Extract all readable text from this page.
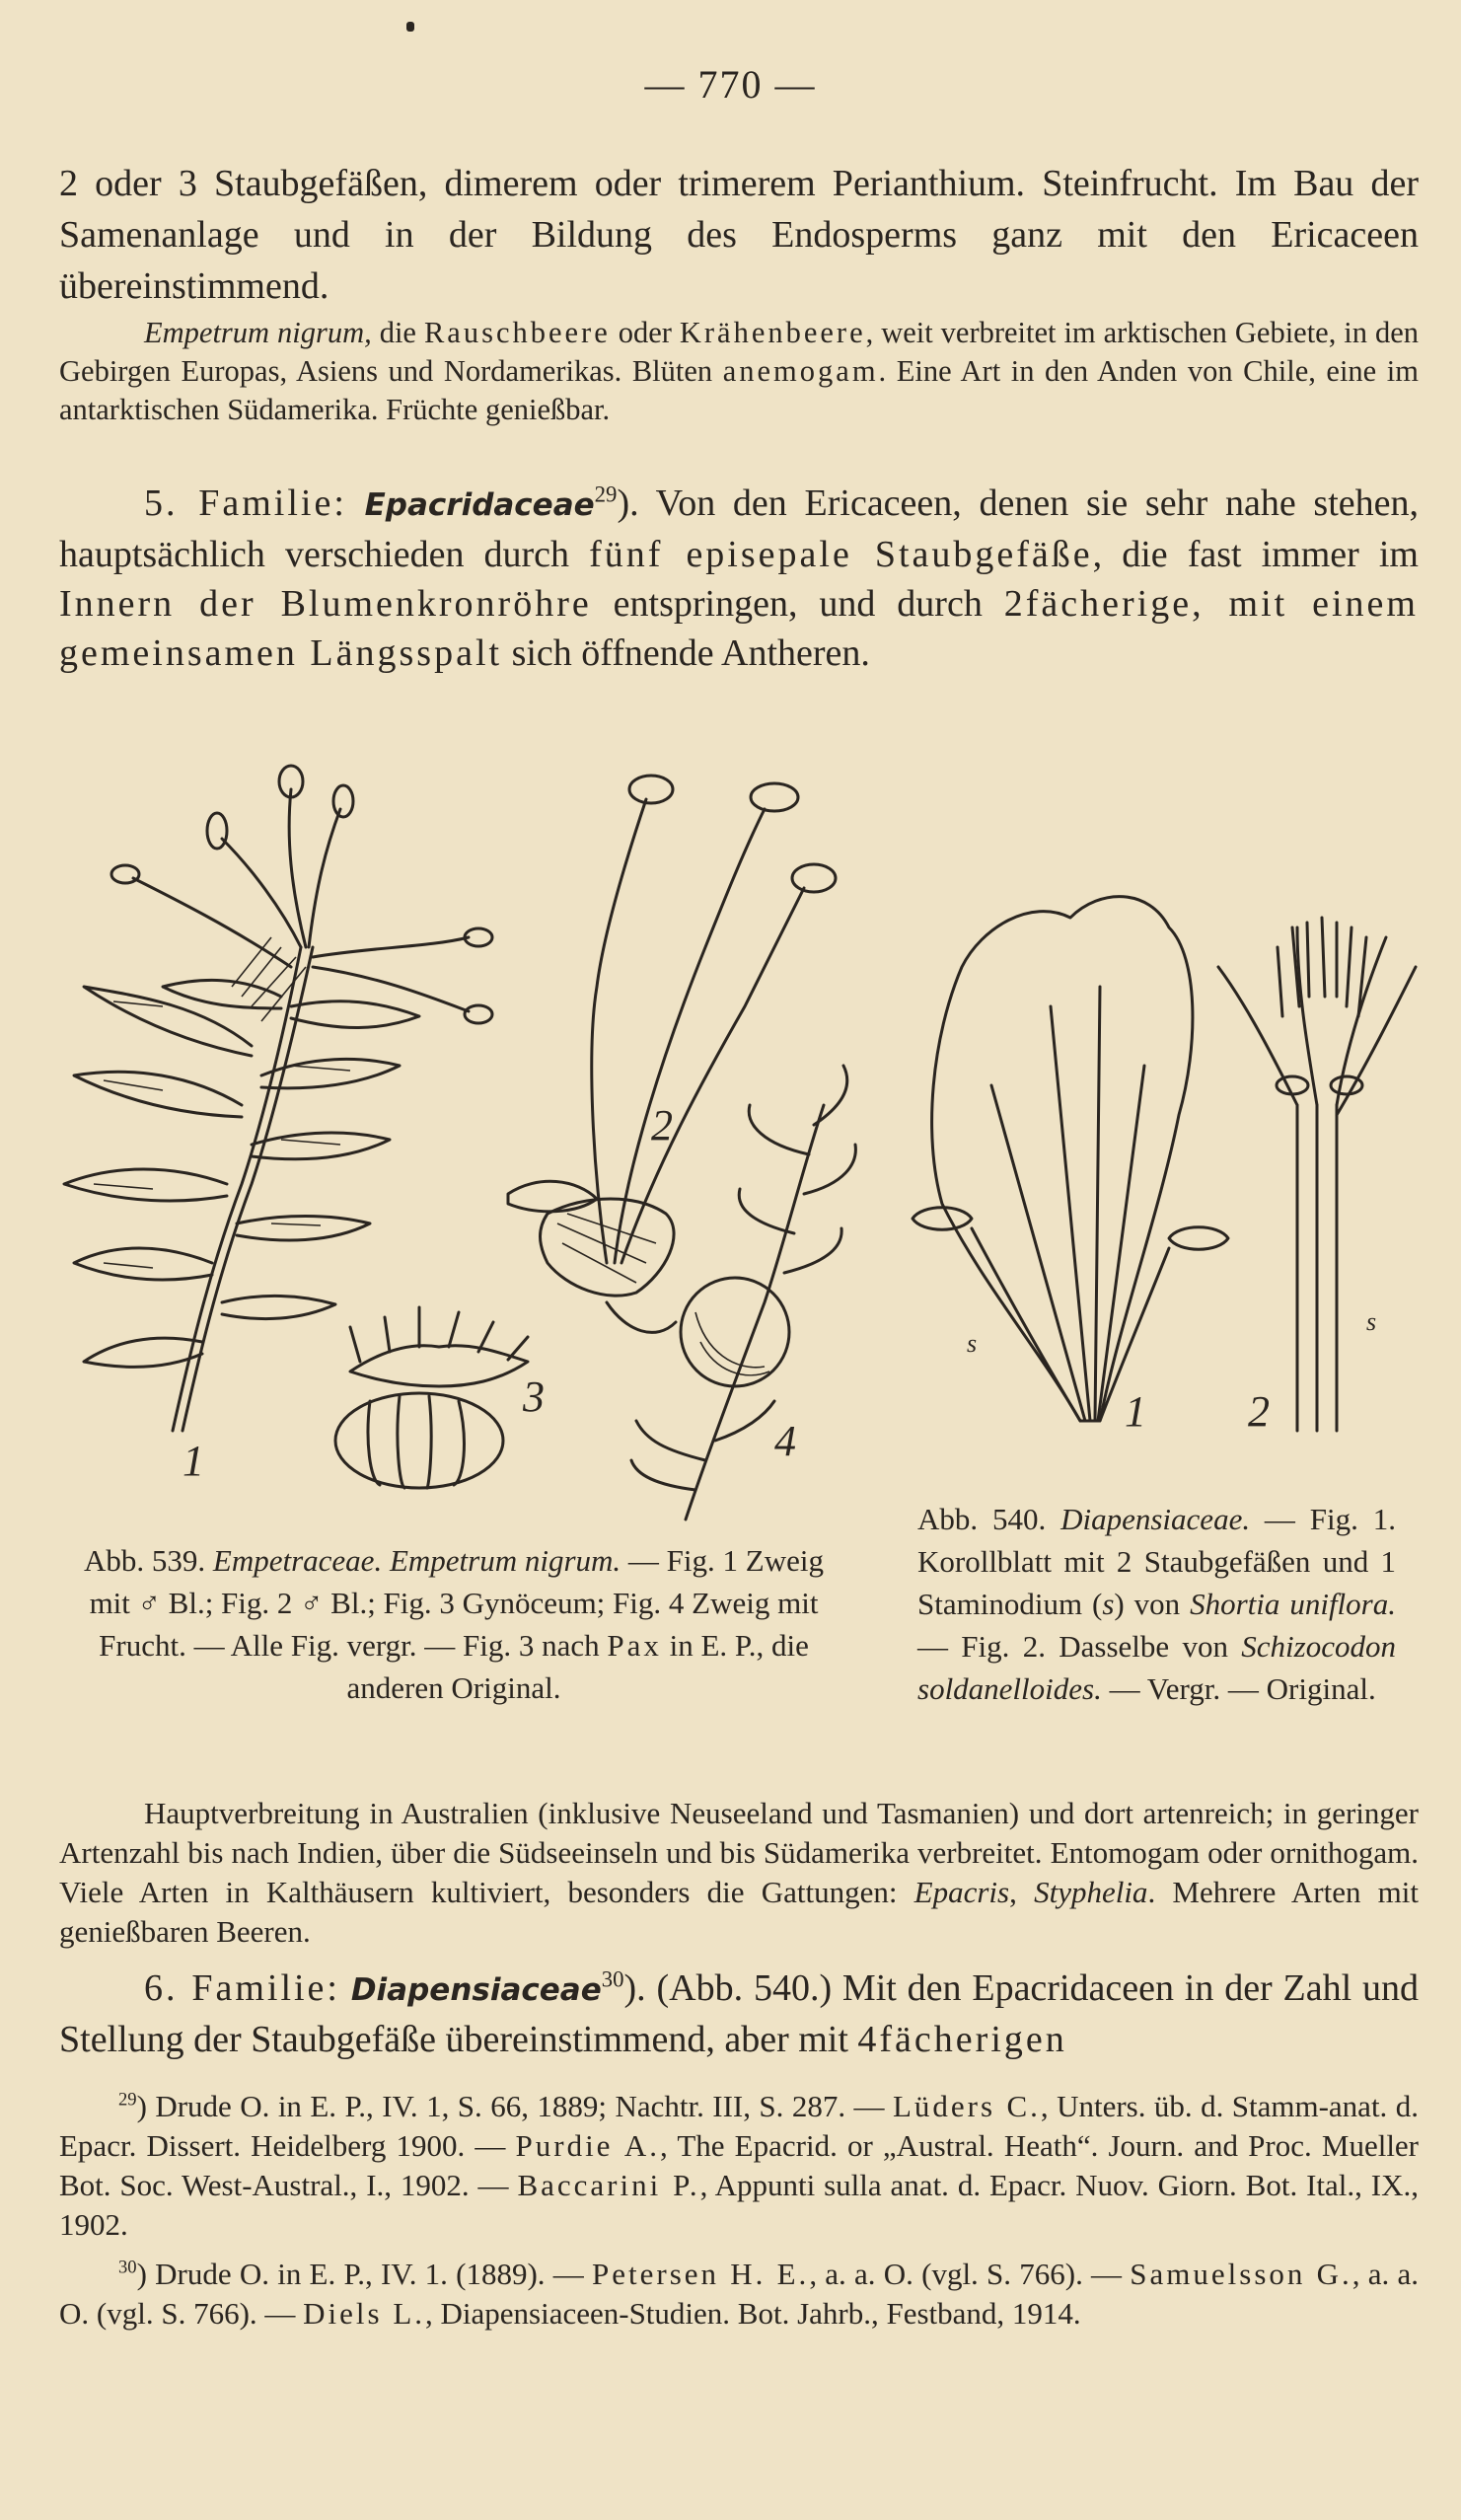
— 770 —
2 oder 3 Staubgefäßen, dimerem oder trimerem Perianthium. Steinfrucht. Im Bau der Samenanlage und in der Bildung des Endosperms ganz mit den Ericaceen übereinstimmend.
Empetrum nigrum, die Rauschbeere oder Krähenbeere, weit verbreitet im arktischen Gebiete, in den Gebirgen Europas, Asiens und Nordamerikas. Blüten anemogam. Eine Art in den Anden von Chile, eine im antarktischen Südamerika. Früchte genießbar.
5. Familie: Epacridaceae$^{29}$). Von den Ericaceen, denen sie sehr nahe stehen, hauptsächlich verschieden durch fünf episepale Staubgefäße, die fast immer im Innern der Blumenkronröhre entspringen, und durch 2fächerige, mit einem gemeinsamen Längsspalt sich öffnende Antheren.
1
2
3
4
s
s
1 2
Abb. 539. Empetraceae. Empetrum nigrum. — Fig. 1 Zweig mit ♂ Bl.; Fig. 2 ♂ Bl.; Fig. 3 Gynöceum; Fig. 4 Zweig mit Frucht. — Alle Fig. vergr. — Fig. 3 nach Pax in E. P., die anderen Original.
Abb. 540. Diapensiaceae. — Fig. 1. Korollblatt mit 2 Staubgefäßen und 1 Staminodium (s) von Shortia uniflora. — Fig. 2. Dasselbe von Schizocodon soldanelloides. — Vergr. — Original.
Hauptverbreitung in Australien (inklusive Neuseeland und Tasmanien) und dort artenreich; in geringer Artenzahl bis nach Indien, über die Südseeinseln und bis Südamerika verbreitet. Entomogam oder ornithogam. Viele Arten in Kalthäusern kultiviert, besonders die Gattungen: Epacris, Styphelia. Mehrere Arten mit genießbaren Beeren.
6. Familie: Diapensiaceae$^{30}$). (Abb. 540.) Mit den Epacridaceen in der Zahl und Stellung der Staubgefäße übereinstimmend, aber mit 4fächerigen
$^{29}$) Drude O. in E. P., IV. 1, S. 66, 1889; Nachtr. III, S. 287. — Lüders C., Unters. üb. d. Stamm-anat. d. Epacr. Dissert. Heidelberg 1900. — Purdie A., The Epacrid. or „Austral. Heath“. Journ. and Proc. Mueller Bot. Soc. West-Austral., I., 1902. — Baccarini P., Appunti sulla anat. d. Epacr. Nuov. Giorn. Bot. Ital., IX., 1902.
$^{30}$) Drude O. in E. P., IV. 1. (1889). — Petersen H. E., a. a. O. (vgl. S. 766). — Samuelsson G., a. a. O. (vgl. S. 766). — Diels L., Diapensiaceen-Studien. Bot. Jahrb., Festband, 1914.
